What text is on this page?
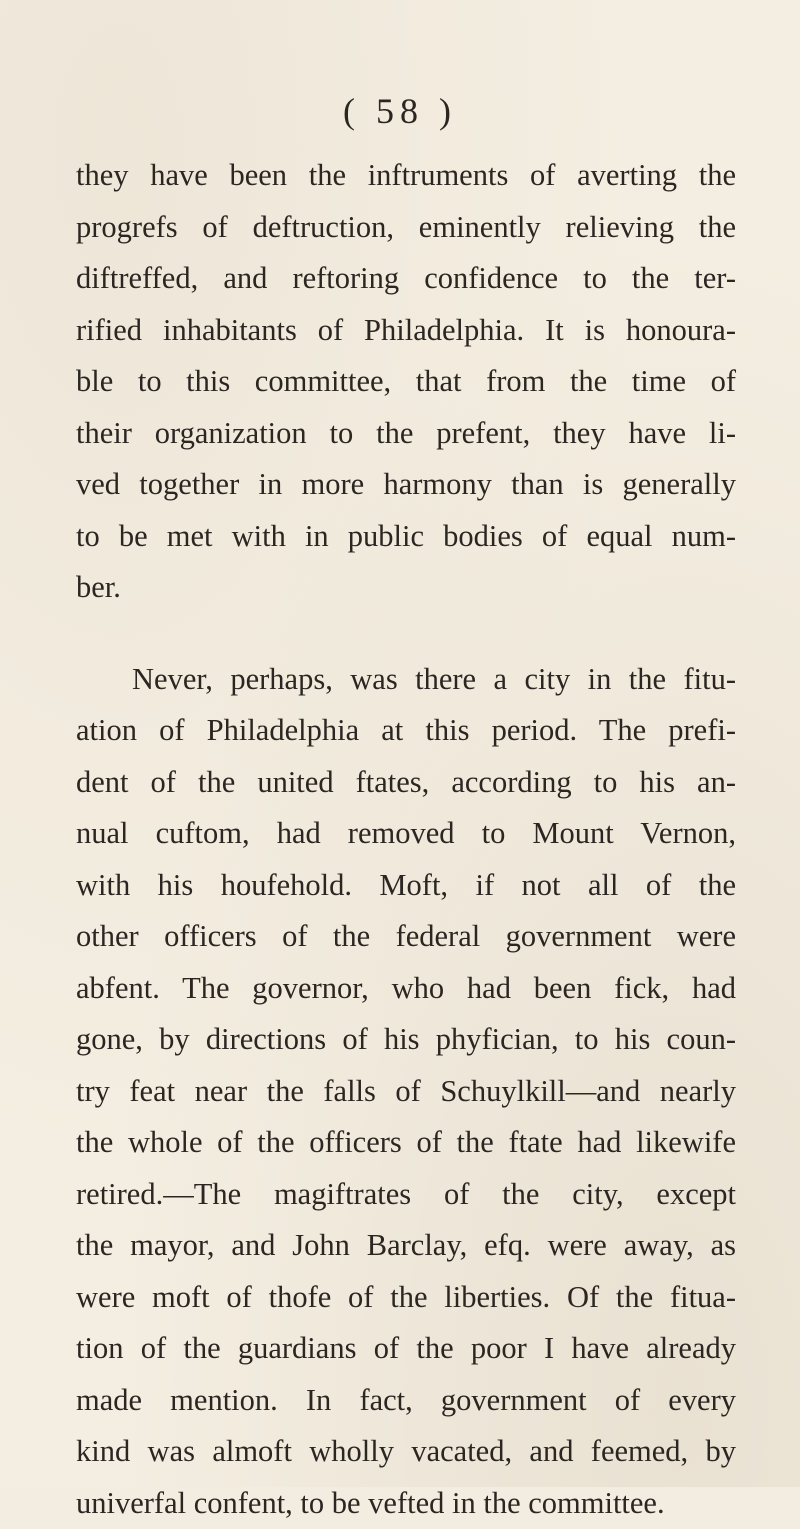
( 58 )
they have been the inftruments of averting the
progrefs of deftruction, eminently relieving the
diftreffed, and reftoring confidence to the ter-
rified inhabitants of Philadelphia. It is honoura-
ble to this committee, that from the time of
their organization to the prefent, they have li-
ved together in more harmony than is generally
to be met with in public bodies of equal num-
ber.
Never, perhaps, was there a city in the fitu-
ation of Philadelphia at this period. The prefi-
dent of the united ftates, according to his an-
nual cuftom, had removed to Mount Vernon,
with his houfehold. Moft, if not all of the
other officers of the federal government were
abfent. The governor, who had been fick, had
gone, by directions of his phyfician, to his coun-
try feat near the falls of Schuylkill—and nearly
the whole of the officers of the ftate had likewife
retired.—The magiftrates of the city, except
the mayor, and John Barclay, efq. were away, as
were moft of thofe of the liberties. Of the fitua-
tion of the guardians of the poor I have already
made mention. In fact, government of every
kind was almoft wholly vacated, and feemed, by
univerfal confent, to be vefted in the committee.
